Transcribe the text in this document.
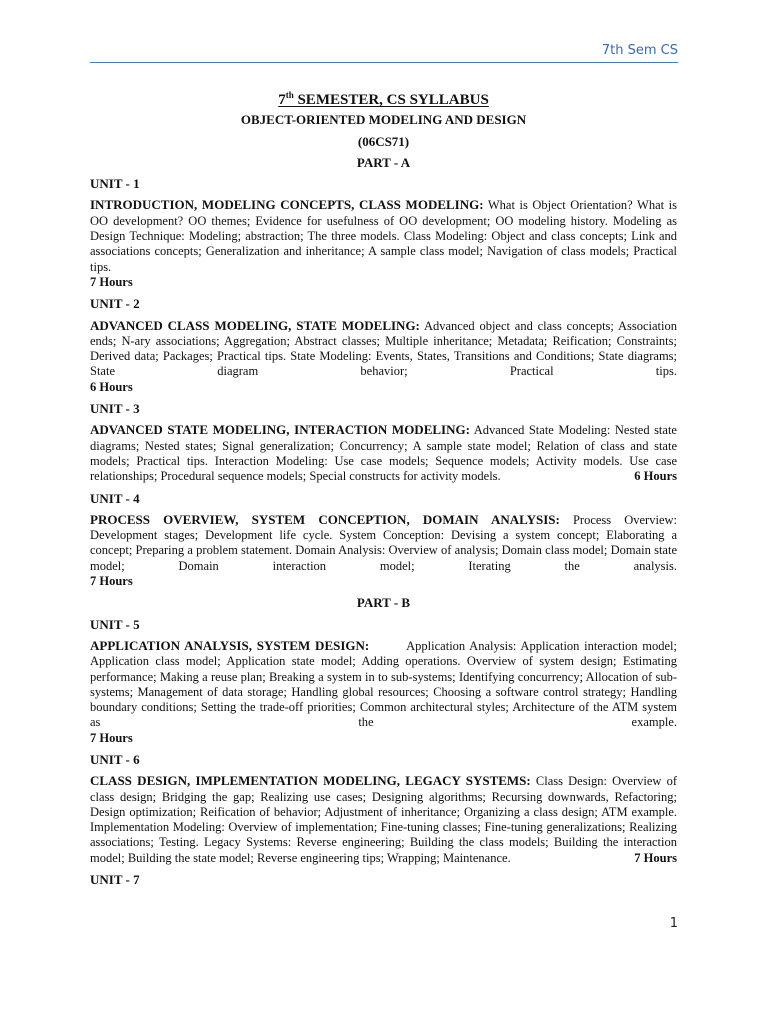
7th Sem CS
7th SEMESTER, CS SYLLABUS
OBJECT-ORIENTED MODELING AND DESIGN
(06CS71)
PART - A
UNIT - 1

INTRODUCTION, MODELING CONCEPTS, CLASS MODELING: What is Object Orientation? What is OO development? OO themes; Evidence for usefulness of OO development; OO modeling history. Modeling as Design Technique: Modeling; abstraction; The three models. Class Modeling: Object and class concepts; Link and associations concepts; Generalization and inheritance; A sample class model; Navigation of class models; Practical tips.

7 Hours
UNIT - 2

ADVANCED CLASS MODELING, STATE MODELING: Advanced object and class concepts; Association ends; N-ary associations; Aggregation; Abstract classes; Multiple inheritance; Metadata; Reification; Constraints; Derived data; Packages; Practical tips. State Modeling: Events, States, Transitions and Conditions; State diagrams; State diagram behavior; Practical tips.

6 Hours
UNIT - 3

ADVANCED STATE MODELING, INTERACTION MODELING: Advanced State Modeling: Nested state diagrams; Nested states; Signal generalization; Concurrency; A sample state model; Relation of class and state models; Practical tips. Interaction Modeling: Use case models; Sequence models; Activity models. Use case relationships; Procedural sequence models; Special constructs for activity models.	6 Hours

UNIT - 4

PROCESS OVERVIEW, SYSTEM CONCEPTION, DOMAIN ANALYSIS: Process Overview: Development stages; Development life cycle. System Conception: Devising a system concept; Elaborating a concept; Preparing a problem statement. Domain Analysis: Overview of analysis; Domain class model; Domain state model; Domain interaction model; Iterating the analysis.

7 Hours
PART - B
UNIT - 5

APPLICATION ANALYSIS, SYSTEM DESIGN:        Application Analysis: Application interaction model; Application class model; Application state model; Adding operations. Overview of system design; Estimating performance; Making a reuse plan; Breaking a system in to sub-systems; Identifying concurrency; Allocation of sub-systems; Management of data storage; Handling global resources; Choosing a software control strategy; Handling boundary conditions; Setting the trade-off priorities; Common architectural styles; Architecture of the ATM system as the example.

7 Hours
UNIT - 6

CLASS DESIGN, IMPLEMENTATION MODELING, LEGACY SYSTEMS: Class Design: Overview of class design; Bridging the gap; Realizing use cases; Designing algorithms; Recursing downwards, Refactoring; Design optimization; Reification of behavior; Adjustment of inheritance; Organizing a class design; ATM example. Implementation Modeling: Overview of implementation; Fine-tuning classes; Fine-tuning generalizations; Realizing associations; Testing. Legacy Systems: Reverse engineering; Building the class models; Building the interaction model; Building the state model; Reverse engineering tips; Wrapping; Maintenance.	7 Hours

UNIT - 7
1
